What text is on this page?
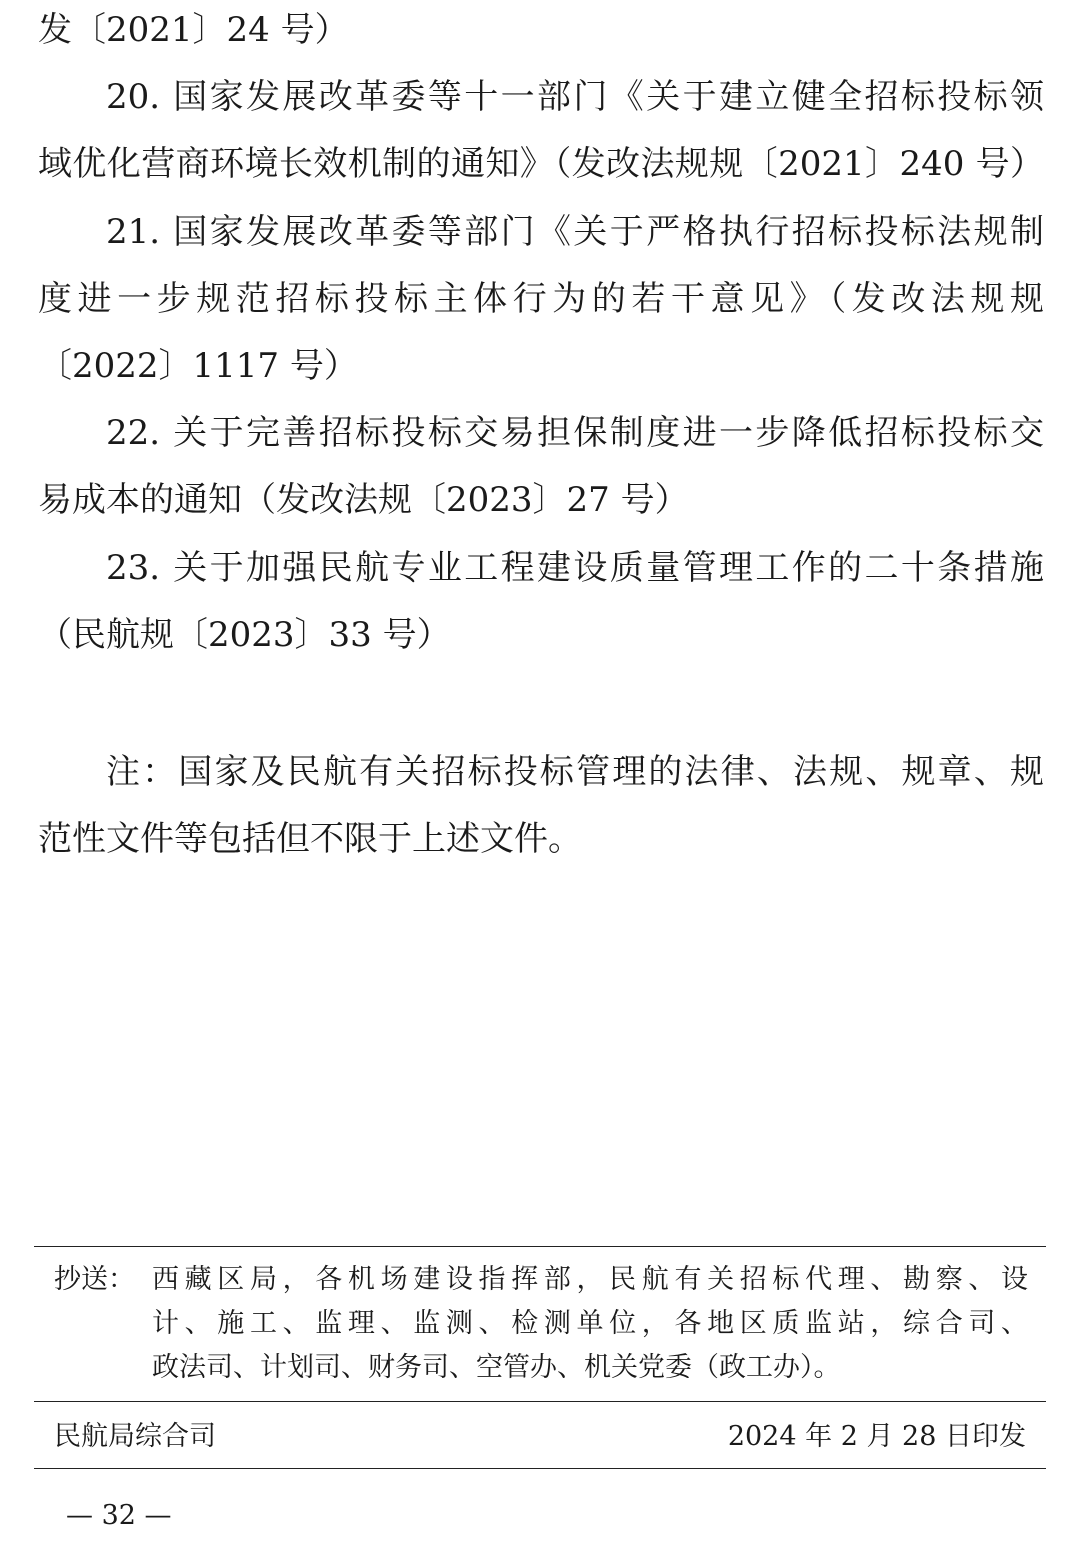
发〔2021〕24 号）
20. 国家发展改革委等十一部门《关于建立健全招标投标领
域优化营商环境长效机制的通知》（发改法规规〔2021〕240 号）
21. 国家发展改革委等部门《关于严格执行招标投标法规制
度进一步规范招标投标主体行为的若干意见》（发改法规规
〔2022〕1117 号）
22. 关于完善招标投标交易担保制度进一步降低招标投标交
易成本的通知（发改法规〔2023〕27 号）
23. 关于加强民航专业工程建设质量管理工作的二十条措施
（民航规〔2023〕33 号）
注：国家及民航有关招标投标管理的法律、法规、规章、规
范性文件等包括但不限于上述文件。
抄送： 西藏区局，各机场建设指挥部，民航有关招标代理、勘察、设
计、施工、监理、监测、检测单位，各地区质监站，综合司、
政法司、计划司、财务司、空管办、机关党委（政工办）。
民航局综合司	2024 年 2 月 28 日印发
— 32 —
